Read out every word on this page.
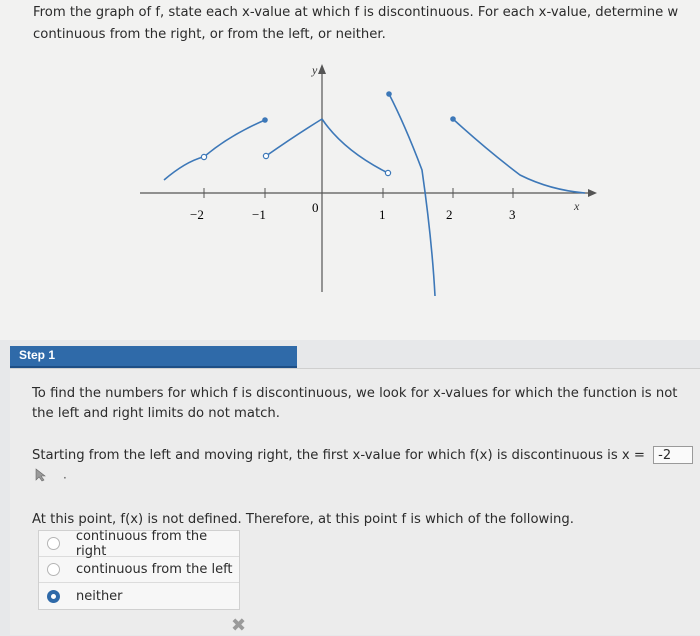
From the graph of f, state each x-value at which f is discontinuous. For each x-value, determine w
continuous from the right, or from the left, or neither.
y
x
−2	−1	0	1	2	3
Step 1
To find the numbers for which f is discontinuous, we look for x-values for which the function is not
the left and right limits do not match.
Starting from the left and moving right, the first x-value for which f(x) is discontinuous is x = -2
·
At this point, f(x) is not defined. Therefore, at this point f is which of the following.
continuous from the right
continuous from the left
neither
✖
